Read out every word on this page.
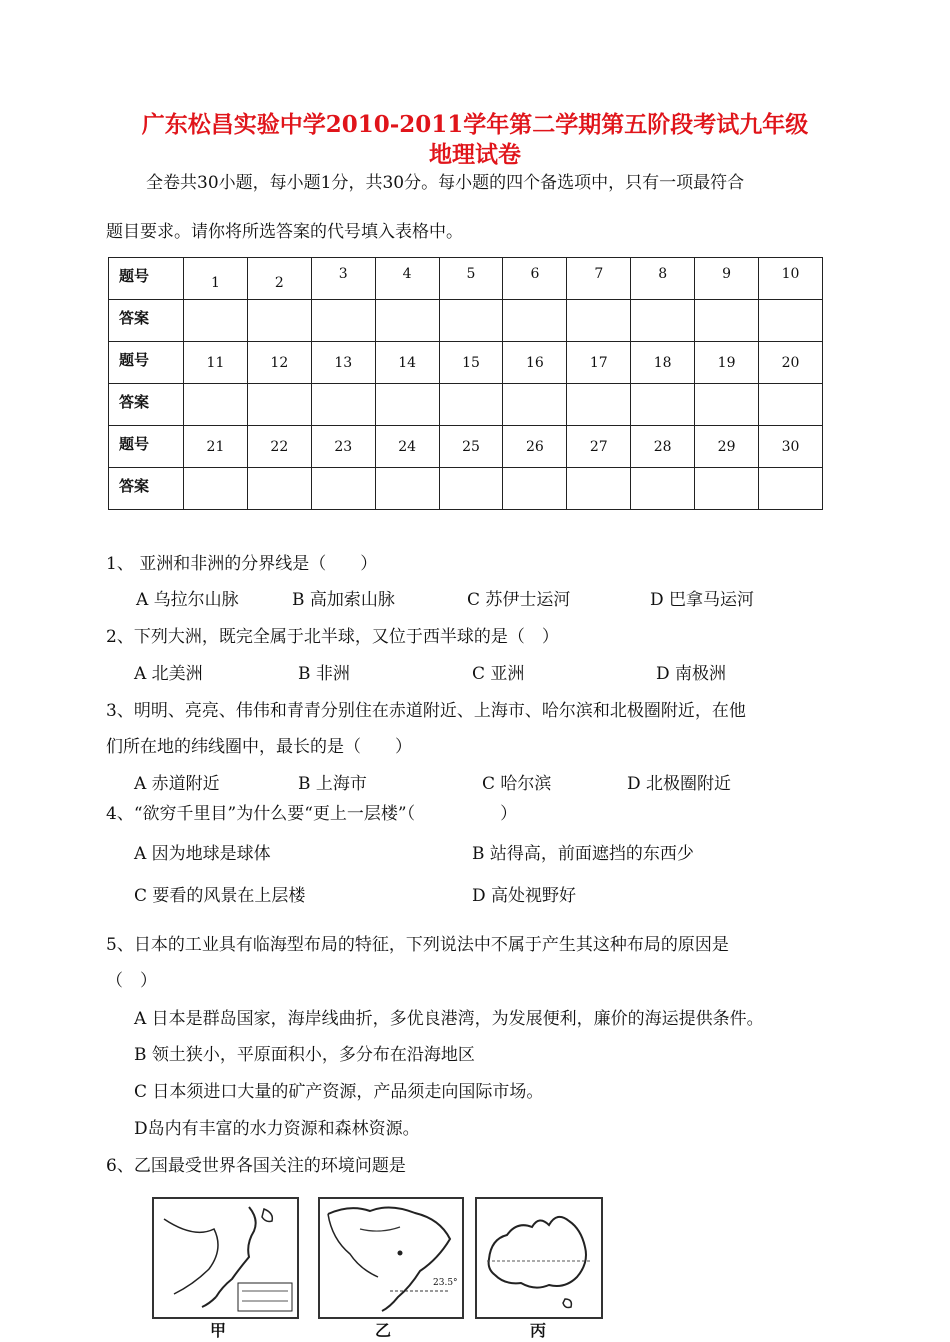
广东松昌实验中学2010-2011学年第二学期第五阶段考试九年级
地理试卷
全卷共30小题，每小题1分，共30分。每小题的四个备选项中，只有一项最符合
题目要求。请你将所选答案的代号填入表格中。
题号	1	2	3	4	5	6	7	8	9	10
答案										
题号	11	12	13	14	15	16	17	18	19	20
答案										
题号	21	22	23	24	25	26	27	28	29	30
答案										
1、 亚洲和非洲的分界线是（　　）
A 乌拉尔山脉	B 高加索山脉	C 苏伊士运河	D 巴拿马运河
2、下列大洲，既完全属于北半球，又位于西半球的是（　）
A 北美洲	B 非洲	C 亚洲	D 南极洲
3、明明、亮亮、伟伟和青青分别住在赤道附近、上海市、哈尔滨和北极圈附近，在他
们所在地的纬线圈中，最长的是（　　）
A 赤道附近	B 上海市	C 哈尔滨	D 北极圈附近
4、“欲穷千里目”为什么要“更上一层楼”（　　　　　）
A 因为地球是球体	B 站得高，前面遮挡的东西少
C 要看的风景在上层楼	D 高处视野好
5、日本的工业具有临海型布局的特征，下列说法中不属于产生其这种布局的原因是
（　）
A 日本是群岛国家，海岸线曲折，多优良港湾，为发展便利，廉价的海运提供条件。
B 领土狭小，平原面积小，多分布在沿海地区
C 日本须进口大量的矿产资源，产品须走向国际市场。
D岛内有丰富的水力资源和森林资源。
6、乙国最受世界各国关注的环境问题是
甲
23.5°
乙	丙
